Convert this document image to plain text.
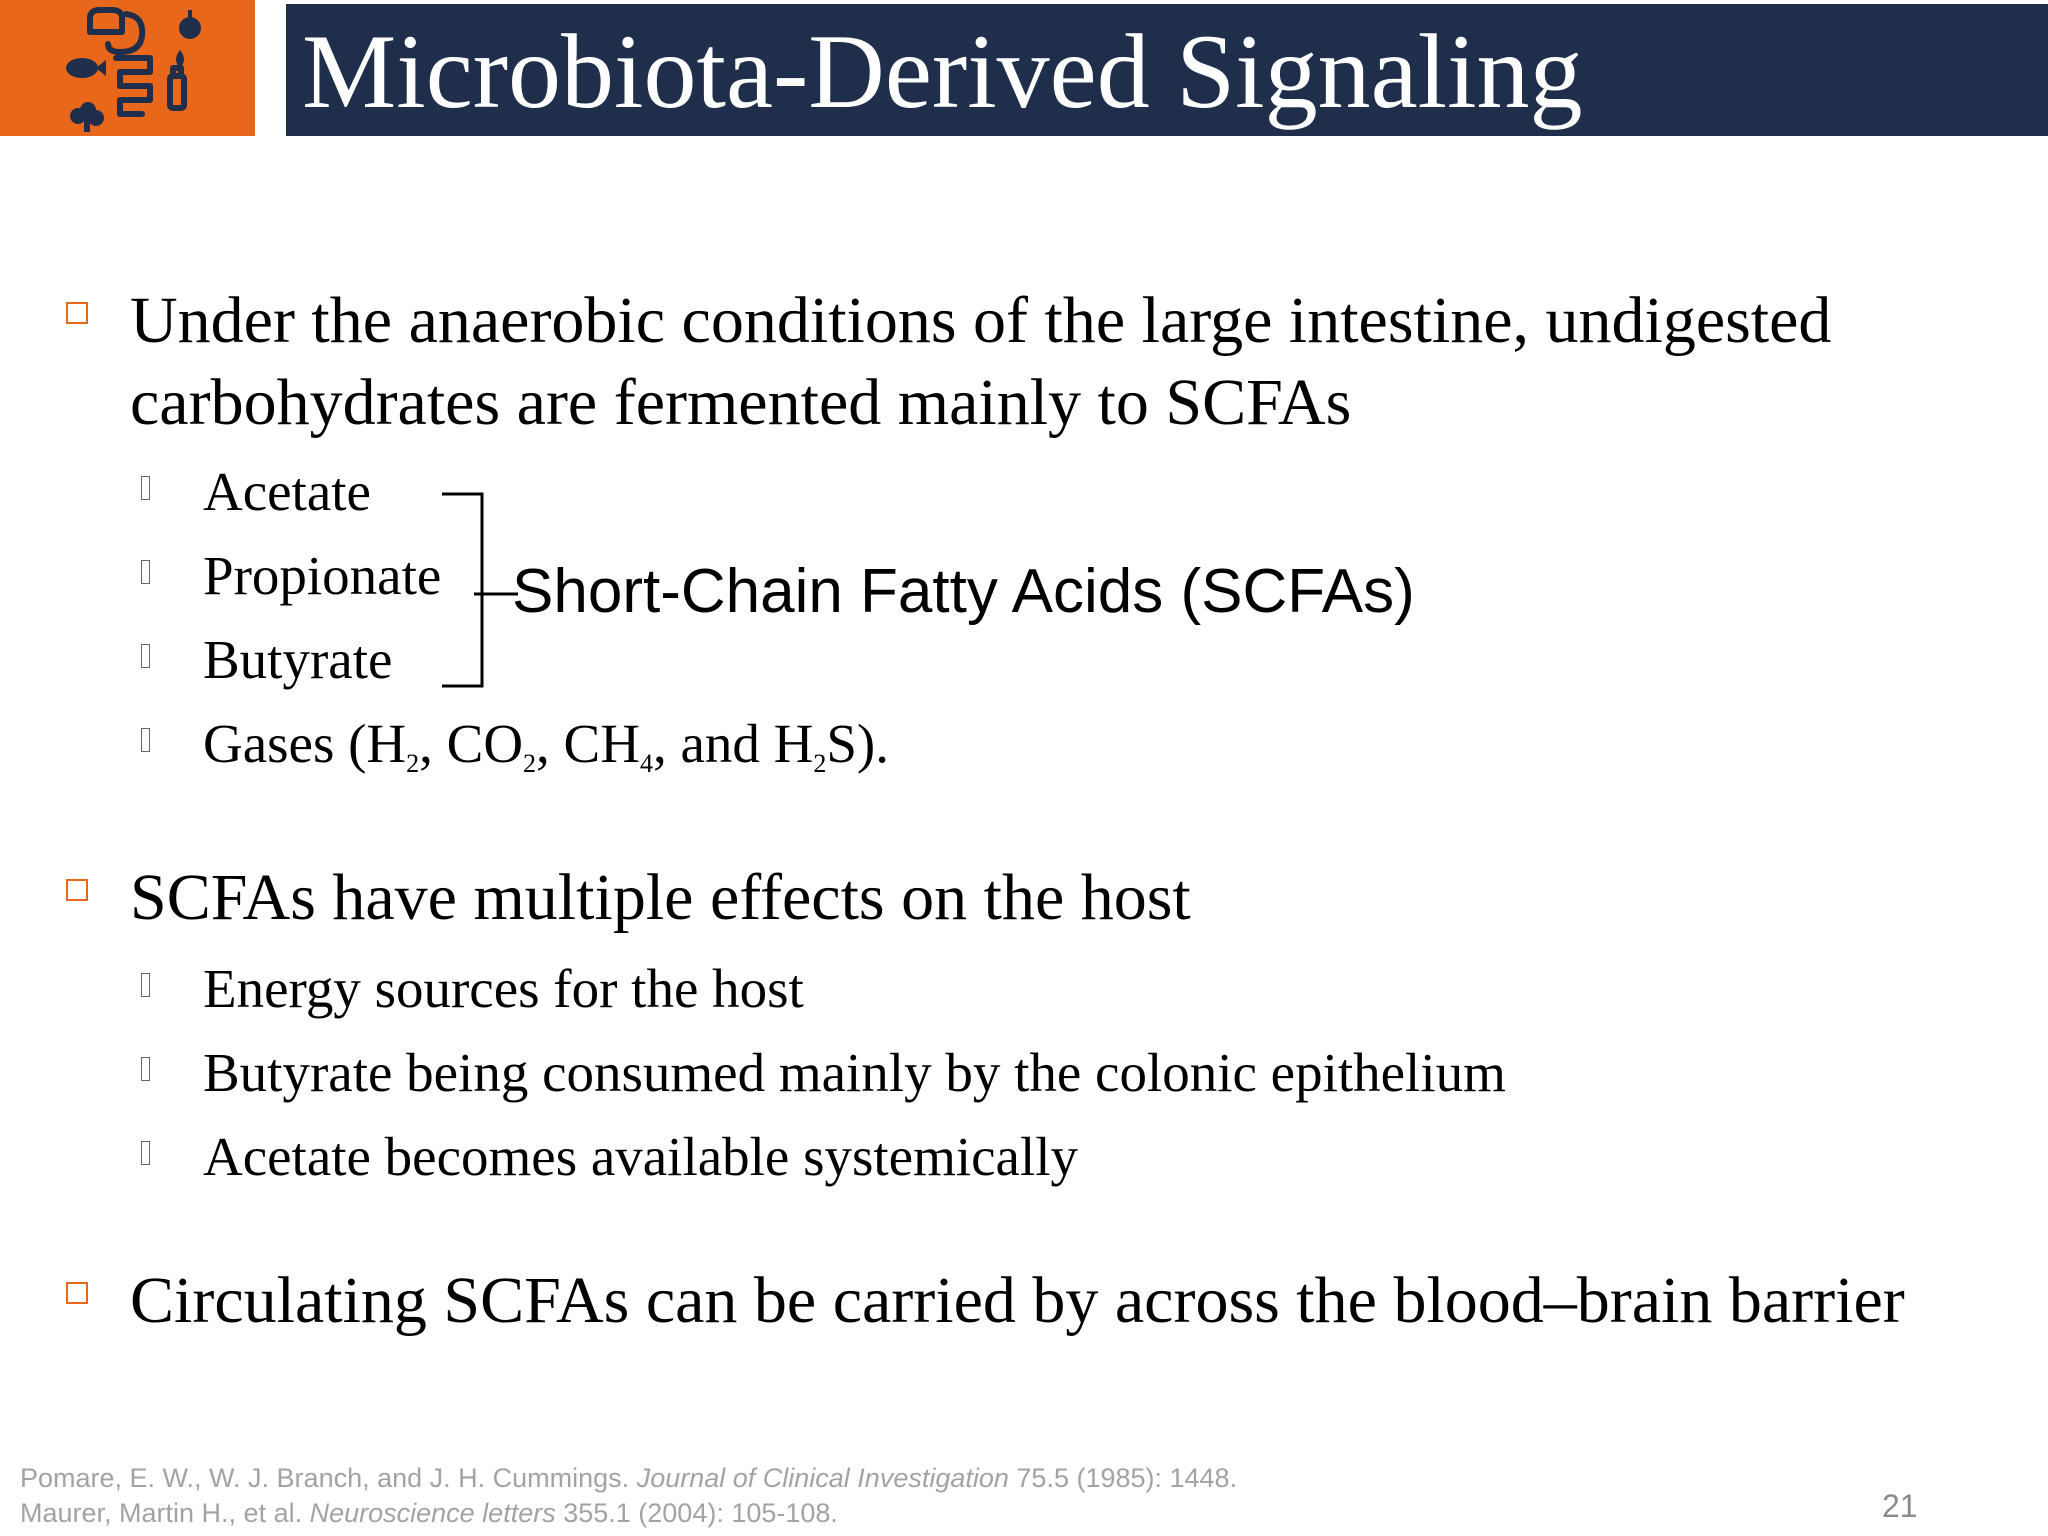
Microbiota-Derived Signaling
Under the anaerobic conditions of the large intestine, undigested
carbohydrates are fermented mainly to SCFAs
Acetate
Propionate
Butyrate
Gases ($H_2$, $CO_2$, $CH_4$, and $H_2S$).
Short-Chain Fatty Acids (SCFAs)
SCFAs have multiple effects on the host
Energy sources for the host
Butyrate being consumed mainly by the colonic epithelium
Acetate becomes available systemically
Circulating SCFAs can be carried by across the blood–brain barrier
Pomare, E. W., W. J. Branch, and J. H. Cummings. Journal of Clinical Investigation 75.5 (1985): 1448.
Maurer, Martin H., et al. Neuroscience letters 355.1 (2004): 105-108.	21
